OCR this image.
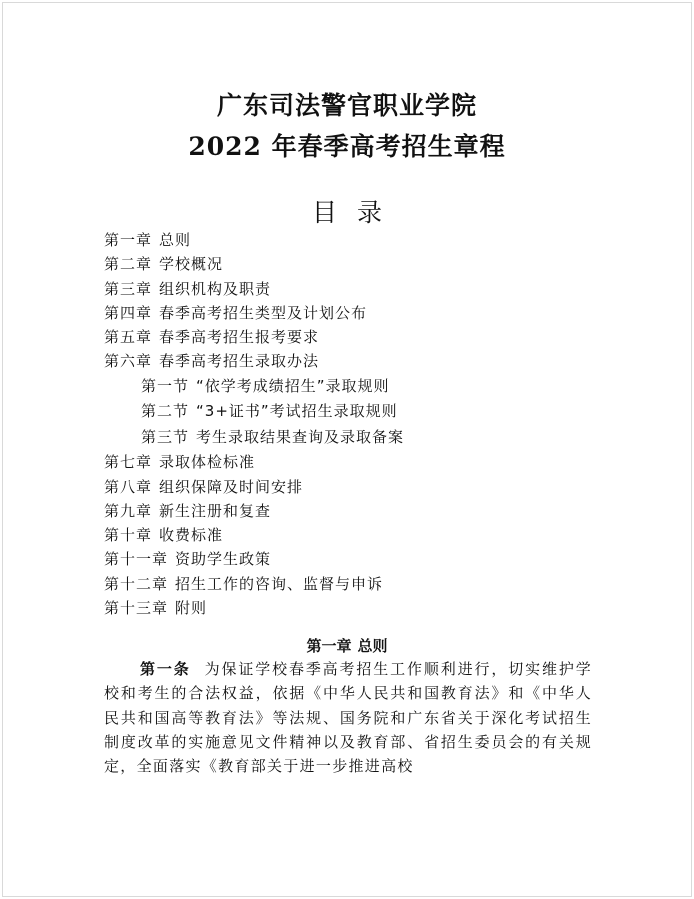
广东司法警官职业学院
2022 年春季高考招生章程
目 录
第一章 总则
第二章 学校概况
第三章 组织机构及职责
第四章 春季高考招生类型及计划公布
第五章 春季高考招生报考要求
第六章 春季高考招生录取办法
第一节 “依学考成绩招生”录取规则
第二节 “3+证书”考试招生录取规则
第三节 考生录取结果查询及录取备案
第七章 录取体检标准
第八章 组织保障及时间安排
第九章 新生注册和复查
第十章 收费标准
第十一章 资助学生政策
第十二章 招生工作的咨询、监督与申诉
第十三章 附则
第一章 总则

第一条 为保证学校春季高考招生工作顺利进行，切实维护学校和考生的合法权益，依据《中华人民共和国教育法》和《中华人民共和国高等教育法》等法规、国务院和广东省关于深化考试招生制度改革的实施意见文件精神以及教育部、省招生委员会的有关规定，全面落实《教育部关于进一步推进高校
